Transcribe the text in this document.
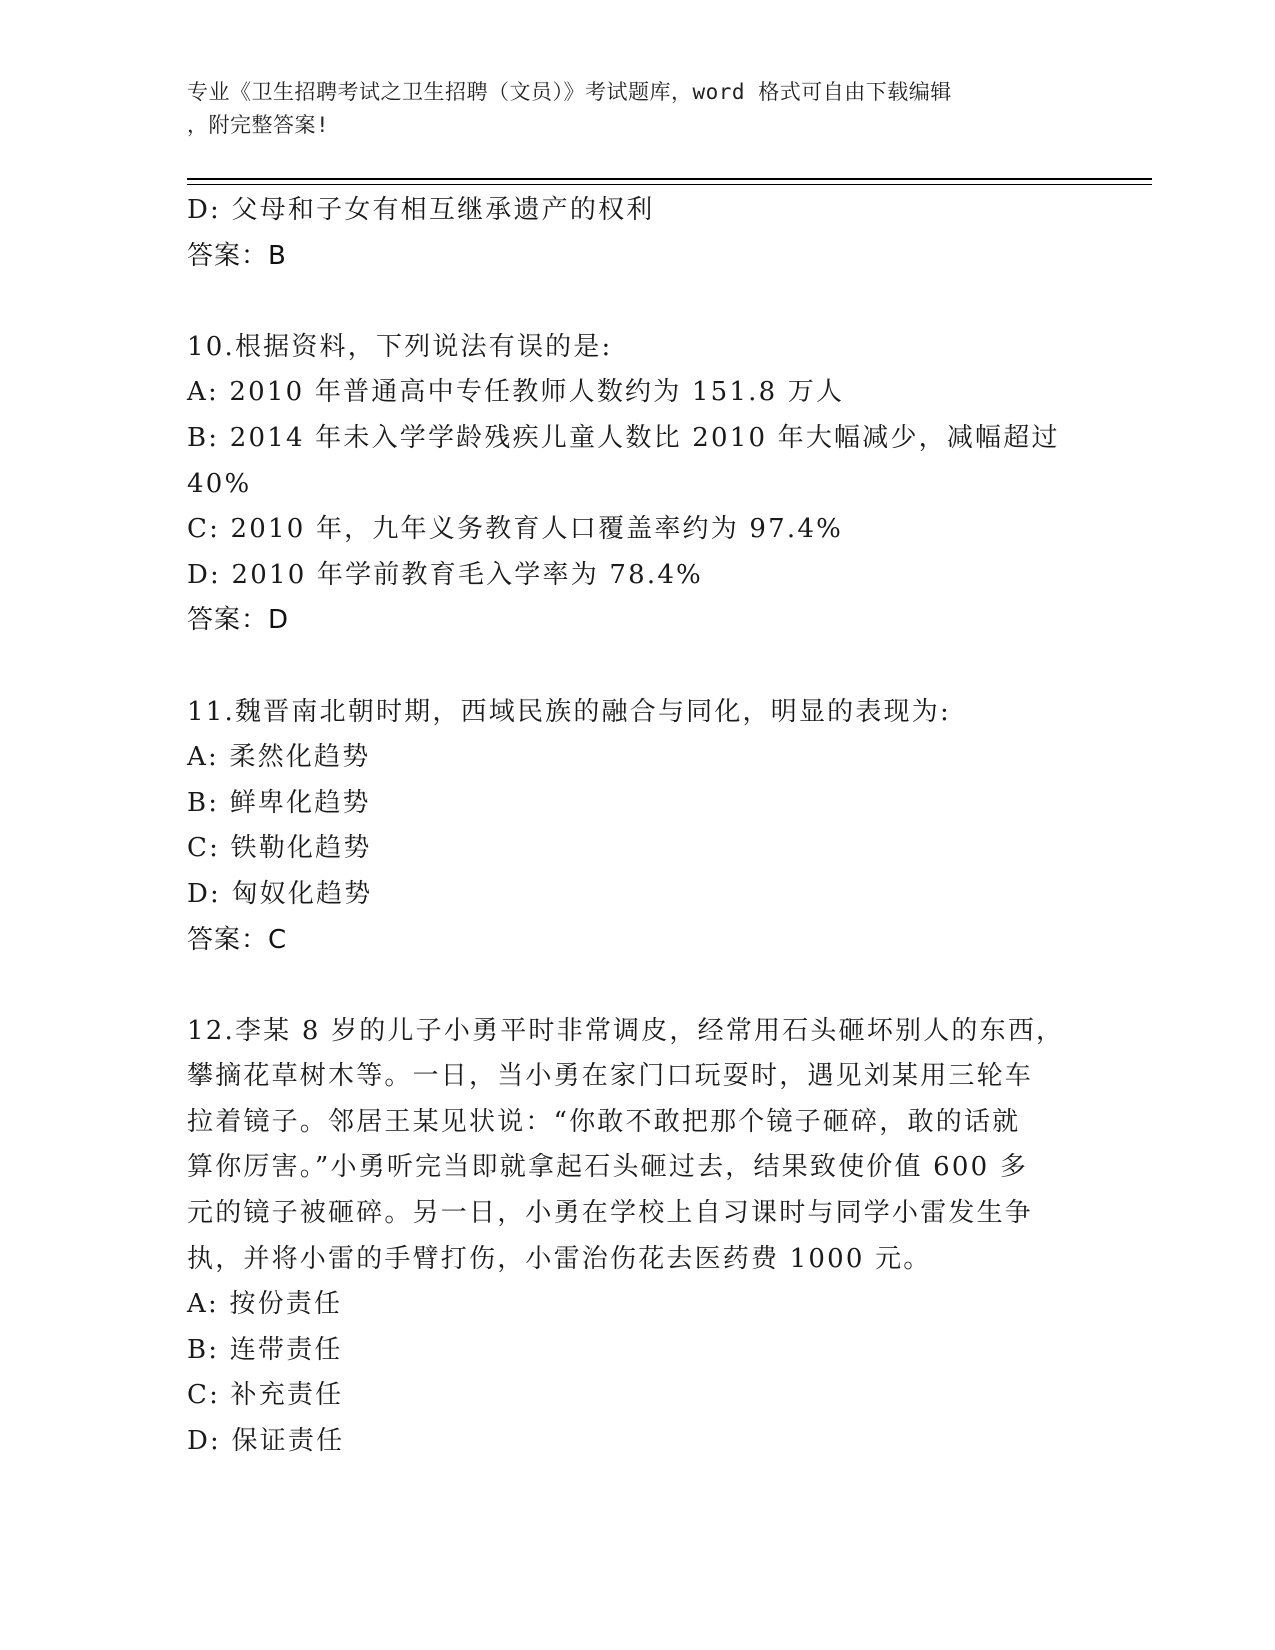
专业《卫生招聘考试之卫生招聘（文员）》考试题库，word 格式可自由下载编辑
，附完整答案!
D: 父母和子女有相互继承遗产的权利
答案：B
10.根据资料，下列说法有误的是:
A: 2010 年普通高中专任教师人数约为 151.8 万人
B: 2014 年未入学学龄残疾儿童人数比 2010 年大幅减少，减幅超过
40%
C: 2010 年，九年义务教育人口覆盖率约为 97.4%
D: 2010 年学前教育毛入学率为 78.4%
答案：D
11.魏晋南北朝时期，西域民族的融合与同化，明显的表现为:
A: 柔然化趋势
B: 鲜卑化趋势
C: 铁勒化趋势
D: 匈奴化趋势
答案：C
12.李某 8 岁的儿子小勇平时非常调皮，经常用石头砸坏别人的东西，
攀摘花草树木等。一日，当小勇在家门口玩耍时，遇见刘某用三轮车
拉着镜子。邻居王某见状说：“你敢不敢把那个镜子砸碎，敢的话就
算你厉害。”小勇听完当即就拿起石头砸过去，结果致使价值 600 多
元的镜子被砸碎。另一日，小勇在学校上自习课时与同学小雷发生争
执，并将小雷的手臂打伤，小雷治伤花去医药费 1000 元。
A: 按份责任
B: 连带责任
C: 补充责任
D: 保证责任
